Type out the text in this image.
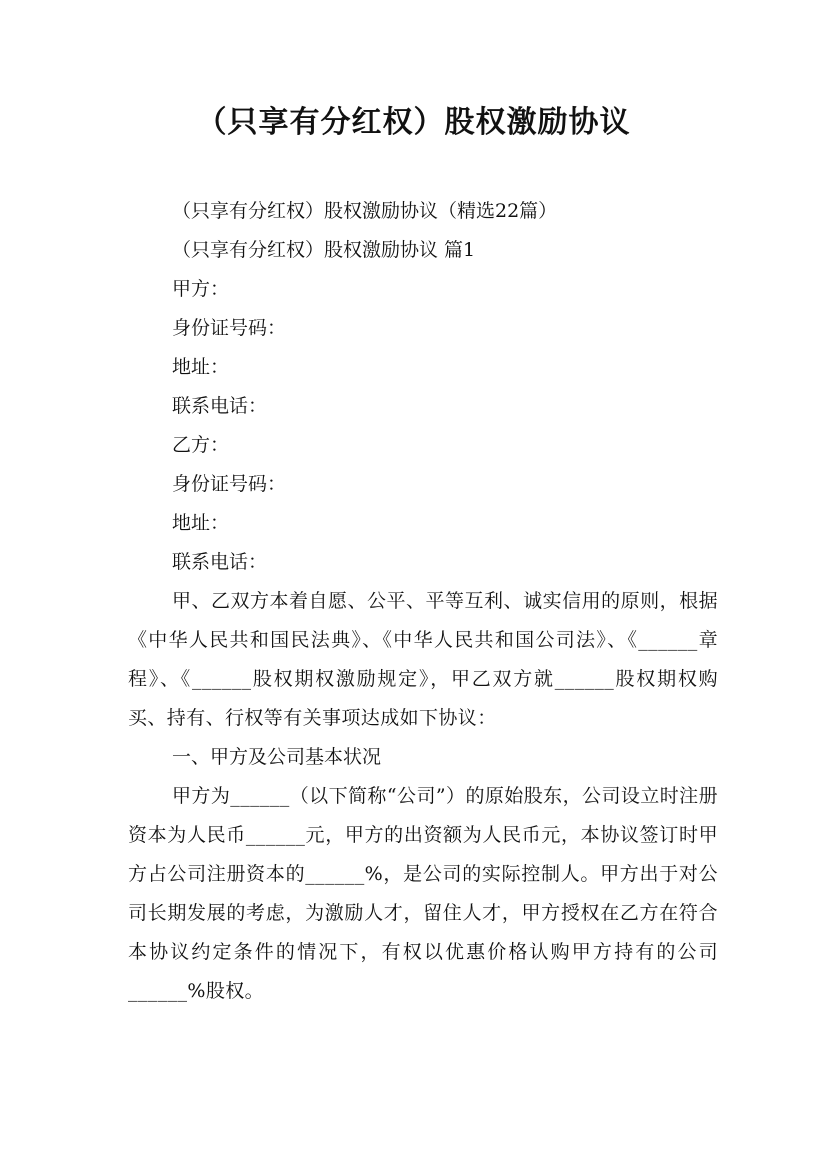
（只享有分红权）股权激励协议
（只享有分红权）股权激励协议（精选22篇）
（只享有分红权）股权激励协议 篇1
甲方：
身份证号码：
地址：
联系电话：
乙方：
身份证号码：
地址：
联系电话：

甲、乙双方本着自愿、公平、平等互利、诚实信用的原则，根据《中华人民共和国民法典》、《中华人民共和国公司法》、《______章程》、《______股权期权激励规定》，甲乙双方就______股权期权购买、持有、行权等有关事项达成如下协议：

一、甲方及公司基本状况

甲方为______（以下简称“公司”）的原始股东，公司设立时注册资本为人民币______元，甲方的出资额为人民币元，本协议签订时甲方占公司注册资本的______%，是公司的实际控制人。甲方出于对公司长期发展的考虑，为激励人才，留住人才，甲方授权在乙方在符合本协议约定条件的情况下，有权以优惠价格认购甲方持有的公司______%股权。
